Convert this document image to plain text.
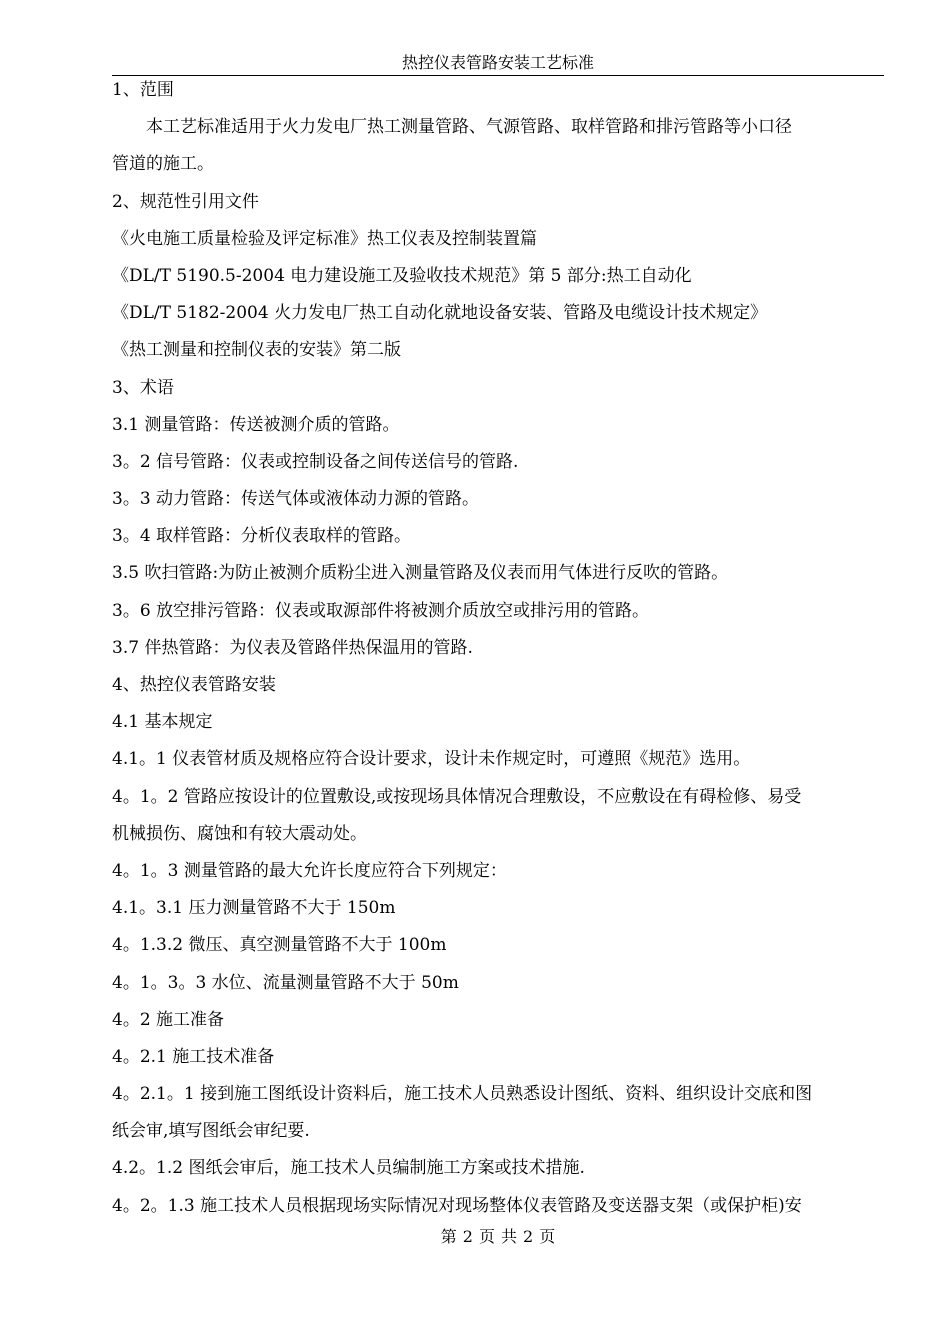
热控仪表管路安装工艺标准
1、范围
本工艺标准适用于火力发电厂热工测量管路、气源管路、取样管路和排污管路等小口径
管道的施工。
2、规范性引用文件
《火电施工质量检验及评定标准》热工仪表及控制装置篇
《DL/T 5190.5-2004 电力建设施工及验收技术规范》第 5 部分:热工自动化
《DL/T 5182-2004 火力发电厂热工自动化就地设备安装、管路及电缆设计技术规定》
《热工测量和控制仪表的安装》第二版
3、术语
3.1 测量管路：传送被测介质的管路。
3。2 信号管路：仪表或控制设备之间传送信号的管路.
3。3 动力管路：传送气体或液体动力源的管路。
3。4 取样管路：分析仪表取样的管路。
3.5 吹扫管路:为防止被测介质粉尘进入测量管路及仪表而用气体进行反吹的管路。
3。6 放空排污管路：仪表或取源部件将被测介质放空或排污用的管路。
3.7 伴热管路：为仪表及管路伴热保温用的管路.
4、热控仪表管路安装
4.1 基本规定
4.1。1 仪表管材质及规格应符合设计要求，设计未作规定时，可遵照《规范》选用。
4。1。2 管路应按设计的位置敷设,或按现场具体情况合理敷设，不应敷设在有碍检修、易受
机械损伤、腐蚀和有较大震动处。
4。1。3 测量管路的最大允许长度应符合下列规定：
4.1。3.1 压力测量管路不大于 150m
4。1.3.2 微压、真空测量管路不大于 100m
4。1。3。3 水位、流量测量管路不大于 50m
4。2 施工准备
4。2.1 施工技术准备
4。2.1。1 接到施工图纸设计资料后，施工技术人员熟悉设计图纸、资料、组织设计交底和图
纸会审,填写图纸会审纪要.
4.2。1.2 图纸会审后，施工技术人员编制施工方案或技术措施.
4。2。1.3 施工技术人员根据现场实际情况对现场整体仪表管路及变送器支架（或保护柜)安
第 2 页 共 2 页
